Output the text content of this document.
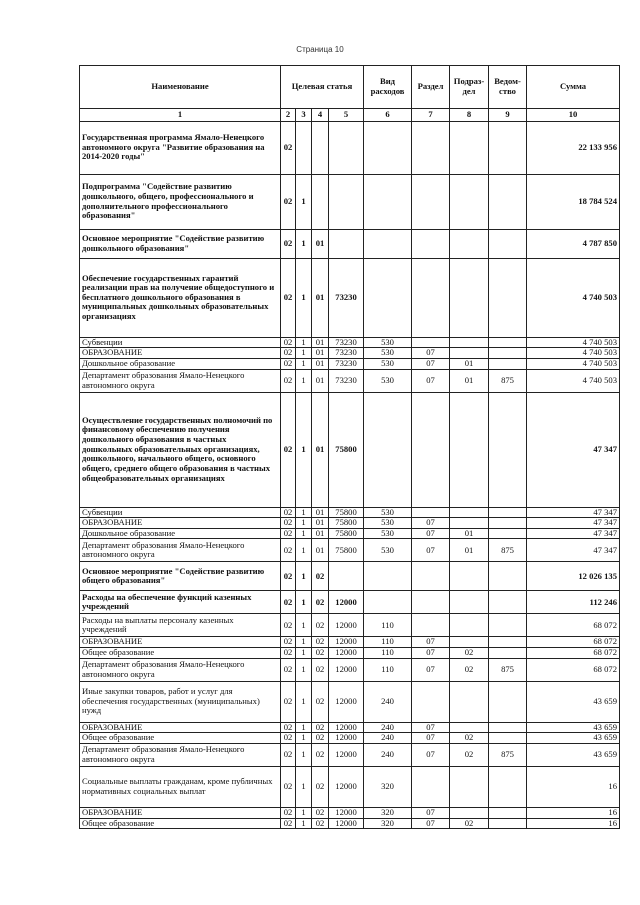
Страница 10
Наименование	Целевая статья				Вид расходов	Раздел	Подраз-дел	Ведом-ство	Сумма
1	2	3	4	5	6	7	8	9	10
Государственная программа Ямало-Ненецкого автономного округа "Развитие образования на 2014-2020 годы"	02								22 133 956
Подпрограмма "Содействие развитию дошкольного, общего, профессионального и дополнительного профессионального образования"	02	1							18 784 524
Основное мероприятие "Содействие развитию дошкольного образования"	02	1	01						4 787 850
Обеспечение государственных гарантий реализации прав на получение общедоступного и бесплатного дошкольного образования в муниципальных дошкольных образовательных организациях	02	1	01	73230					4 740 503
Субвенции	02	1	01	73230	530				4 740 503
ОБРАЗОВАНИЕ	02	1	01	73230	530	07			4 740 503
Дошкольное образование	02	1	01	73230	530	07	01		4 740 503
Департамент образования Ямало-Ненецкого автономного округа	02	1	01	73230	530	07	01	875	4 740 503
Осуществление государственных полномочий по финансовому обеспечению получения дошкольного образования в частных дошкольных образовательных организациях, дошкольного, начального общего, основного общего, среднего общего образования в частных общеобразовательных организациях	02	1	01	75800					47 347
Субвенции	02	1	01	75800	530				47 347
ОБРАЗОВАНИЕ	02	1	01	75800	530	07			47 347
Дошкольное образование	02	1	01	75800	530	07	01		47 347
Департамент образования Ямало-Ненецкого автономного округа	02	1	01	75800	530	07	01	875	47 347
Основное мероприятие "Содействие развитию общего образования"	02	1	02						12 026 135
Расходы на обеспечение функций казенных учреждений	02	1	02	12000					112 246
Расходы на выплаты персоналу казенных учреждений	02	1	02	12000	110				68 072
ОБРАЗОВАНИЕ	02	1	02	12000	110	07			68 072
Общее образование	02	1	02	12000	110	07	02		68 072
Департамент образования Ямало-Ненецкого автономного округа	02	1	02	12000	110	07	02	875	68 072
Иные закупки товаров, работ и услуг для обеспечения государственных (муниципальных) нужд	02	1	02	12000	240				43 659
ОБРАЗОВАНИЕ	02	1	02	12000	240	07			43 659
Общее образование	02	1	02	12000	240	07	02		43 659
Департамент образования Ямало-Ненецкого автономного округа	02	1	02	12000	240	07	02	875	43 659
Социальные выплаты гражданам, кроме публичных нормативных социальных выплат	02	1	02	12000	320				16
ОБРАЗОВАНИЕ	02	1	02	12000	320	07			16
Общее образование	02	1	02	12000	320	07	02		16
